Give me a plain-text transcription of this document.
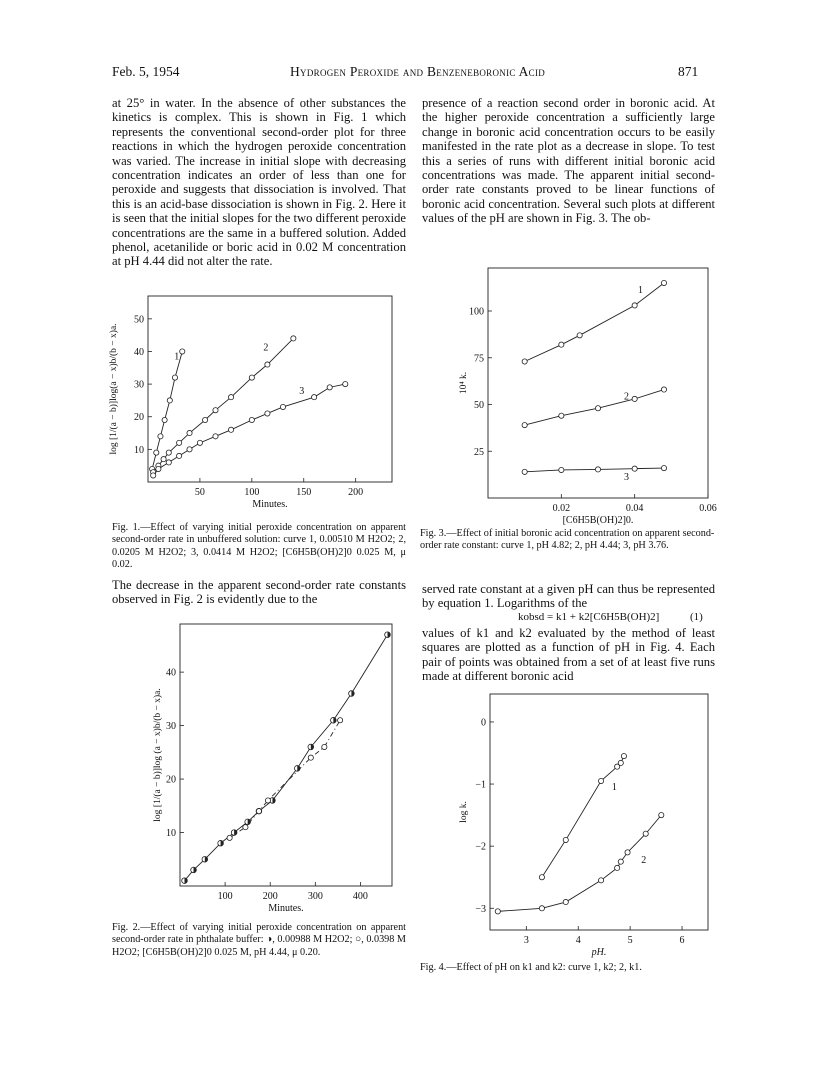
Feb. 5, 1954	Hydrogen Peroxide and Benzeneboronic Acid	871
at 25° in water. In the absence of other substances the kinetics is complex. This is shown in Fig. 1 which represents the conventional second-order plot for three reactions in which the hydrogen peroxide concentration was varied. The increase in initial slope with decreasing concentration indicates an order of less than one for peroxide and suggests that dissociation is involved. That this is an acid-base dissociation is shown in Fig. 2. Here it is seen that the initial slopes for the two different peroxide concentrations are the same in a buffered solution. Added phenol, acetanilide or boric acid in 0.02 M concentration at pH 4.44 did not alter the rate.
50	100	150	200
10
20
30
40
50
Minutes.
log [1/(a − b)]log(a − x)b/(b − x)a.	1
2
3
Fig. 1.—Effect of varying initial peroxide concentration on apparent second-order rate in unbuffered solution: curve 1, 0.00510 M H2O2; 2, 0.0205 M H2O2; 3, 0.0414 M H2O2; [C6H5B(OH)2]0 0.025 M, μ 0.02.
The decrease in the apparent second-order rate constants observed in Fig. 2 is evidently due to the
100	200	300	400
10
20
30
40
Minutes.
log [1/(a − b)]log (a − x)b/(b − x)a.
Fig. 2.—Effect of varying initial peroxide concentration on apparent second-order rate in phthalate buffer: ◑, 0.00988 M H2O2; ○, 0.0398 M H2O2; [C6H5B(OH)2]0 0.025 M, pH 4.44, μ 0.20.
presence of a reaction second order in boronic acid. At the higher peroxide concentration a sufficiently large change in boronic acid concentration occurs to be easily manifested in the rate plot as a decrease in slope. To test this a series of runs with different initial boronic acid concentrations was made. The apparent initial second-order rate constants proved to be linear functions of boronic acid concentration. Several such plots at different values of the pH are shown in Fig. 3. The ob-
0.02	0.04	0.06
25
50
75
100
[C6H5B(OH)2]0.
10⁴ k.
1
2
3
Fig. 3.—Effect of initial boronic acid concentration on apparent second-order rate constant: curve 1, pH 4.82; 2, pH 4.44; 3, pH 3.76.
served rate constant at a given pH can thus be represented by equation 1. Logarithms of the
kobsd = k1 + k2[C6H5B(OH)2]	(1)
values of k1 and k2 evaluated by the method of least squares are plotted as a function of pH in Fig. 4. Each pair of points was obtained from a set of at least five runs made at different boronic acid
3	4	5	6
0
−1
−2
−3
pH.
log k.
1
2
Fig. 4.—Effect of pH on k1 and k2: curve 1, k2; 2, k1.
